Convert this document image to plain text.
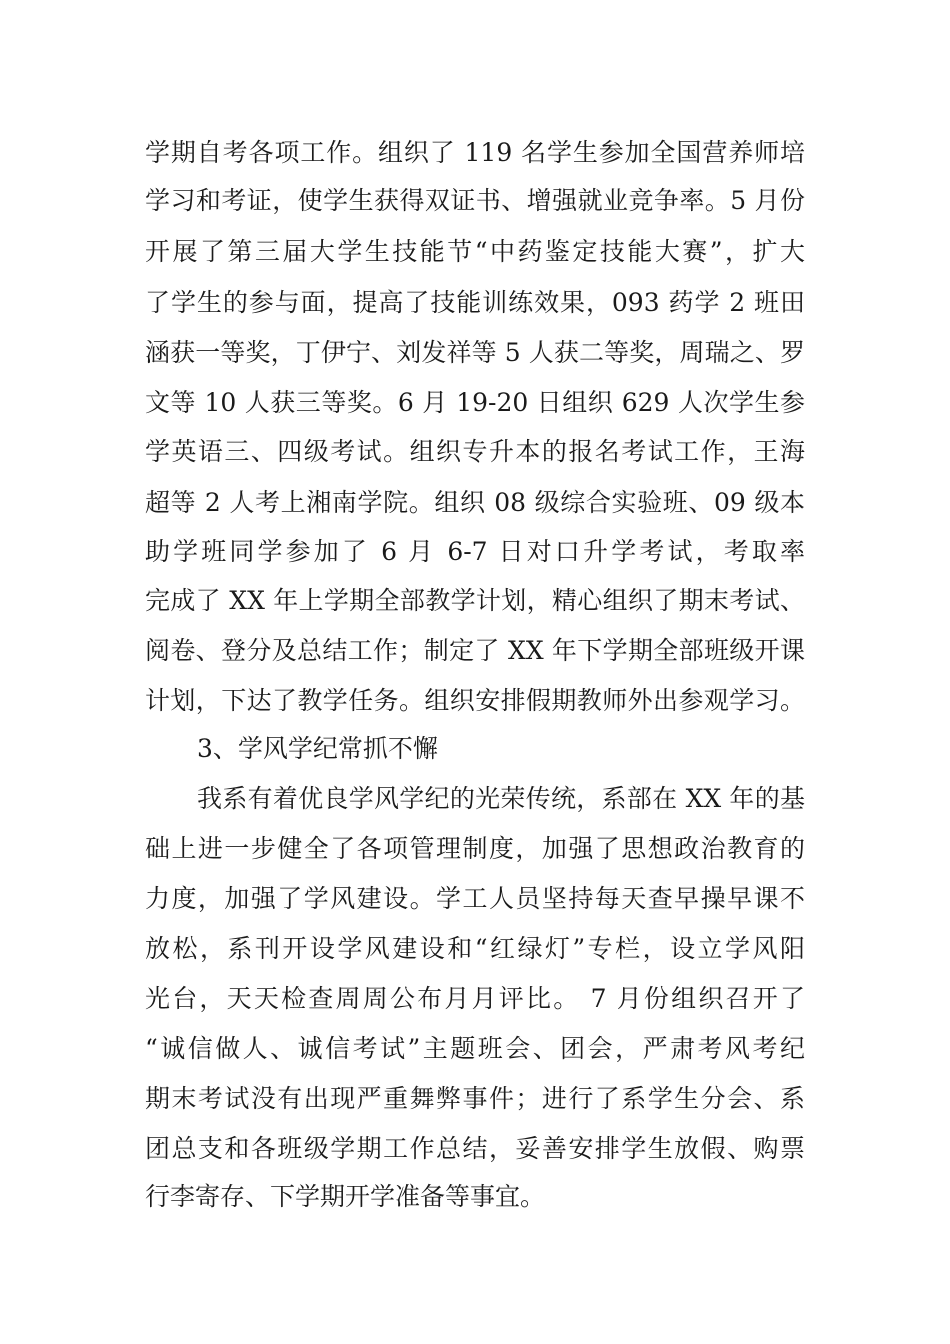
学期自考各项工作。组织了 119 名学生参加全国营养师培
学习和考证，使学生获得双证书、增强就业竞争率。5 月份
开展了第三届大学生技能节“中药鉴定技能大赛”，扩大
了学生的参与面，提高了技能训练效果，093 药学 2 班田
涵获一等奖，丁伊宁、刘发祥等 5 人获二等奖，周瑞之、罗
文等 10 人获三等奖。6 月 19-20 日组织 629 人次学生参
学英语三、四级考试。组织专升本的报名考试工作，王海
超等 2 人考上湘南学院。组织 08 级综合实验班、09 级本
助学班同学参加了 6 月 6-7 日对口升学考试，考取率
完成了 XX 年上学期全部教学计划，精心组织了期末考试、
阅卷、登分及总结工作；制定了 XX 年下学期全部班级开课
计划，下达了教学任务。组织安排假期教师外出参观学习。
3、学风学纪常抓不懈
我系有着优良学风学纪的光荣传统，系部在 XX 年的基
础上进一步健全了各项管理制度，加强了思想政治教育的
力度，加强了学风建设。学工人员坚持每天查早操早课不
放松，系刊开设学风建设和“红绿灯”专栏，设立学风阳
光台，天天检查周周公布月月评比。 7 月份组织召开了
“诚信做人、诚信考试”主题班会、团会，严肃考风考纪
期末考试没有出现严重舞弊事件；进行了系学生分会、系
团总支和各班级学期工作总结，妥善安排学生放假、购票
行李寄存、下学期开学准备等事宜。
